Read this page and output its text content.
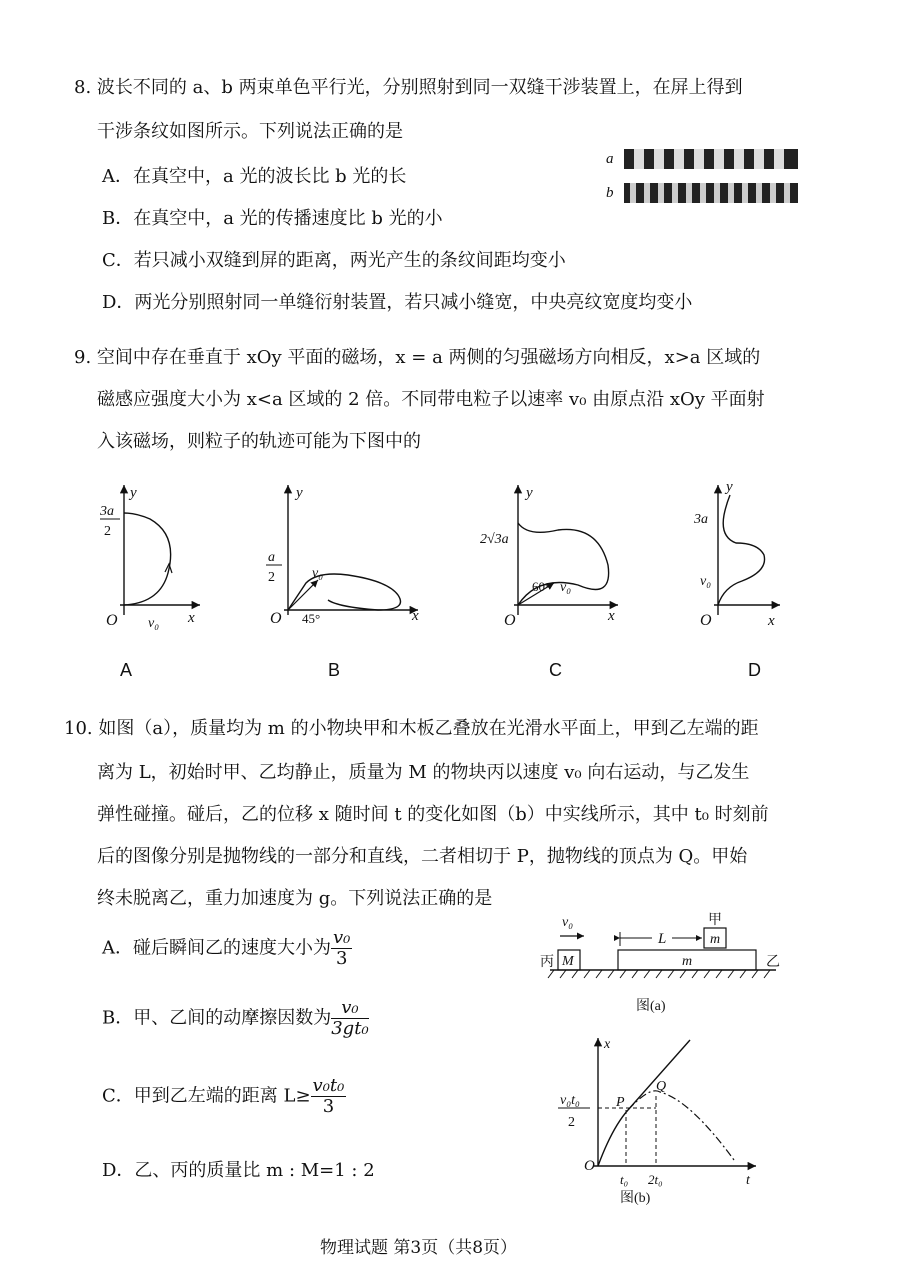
8. 波长不同的 a、b 两束单色平行光，分别照射到同一双缝干涉装置上，在屏上得到
干涉条纹如图所示。下列说法正确的是
A．在真空中，a 光的波长比 b 光的长
B．在真空中，a 光的传播速度比 b 光的小
C．若只减小双缝到屏的距离，两光产生的条纹间距均变小
D．两光分别照射同一单缝衍射装置，若只减小缝宽，中央亮纹宽度均变小
a
b
9. 空间中存在垂直于 xOy 平面的磁场，x = a 两侧的匀强磁场方向相反，x>a 区域的
磁感应强度大小为 x<a 区域的 2 倍。不同带电粒子以速率 v₀ 由原点沿 xOy 平面射
入该磁场，则粒子的轨迹可能为下图中的
y
x
O
3a
2
v₀
A
y
x
O
a
2	v₀
45°
B
y
x
O
2√3a
60° v₀
C
y
x
O
3a
v₀
D
10. 如图（a），质量均为 m 的小物块甲和木板乙叠放在光滑水平面上，甲到乙左端的距
离为 L，初始时甲、乙均静止，质量为 M 的物块丙以速度 v₀ 向右运动，与乙发生
弹性碰撞。碰后，乙的位移 x 随时间 t 的变化如图（b）中实线所示，其中 t₀ 时刻前
后的图像分别是抛物线的一部分和直线，二者相切于 P，抛物线的顶点为 Q。甲始
终未脱离乙，重力加速度为 g。下列说法正确的是
A．碰后瞬间乙的速度大小为 $\frac{\text{v₀}}{3}$
B．甲、乙间的动摩擦因数为 $\frac{\text{v₀}}{\text{3gt₀}}$
C．甲到乙左端的距离 $L\ge \frac{\text{v₀t₀}}{3}$
D．乙、丙的质量比 m : M=1 : 2
v₀	甲
m
L
丙 M	m	乙
图(a)
x
t
O
v₀t₀
2
P
Q
t₀ 2t₀
图(b)
物理试题 第3页（共8页）
